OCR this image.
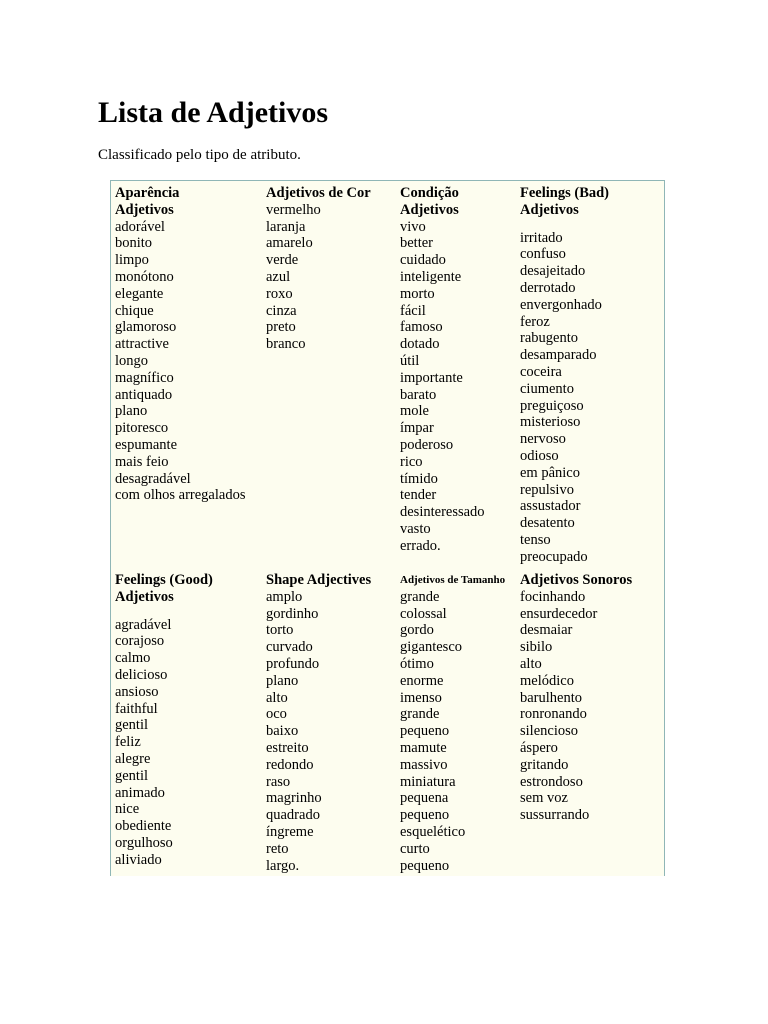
Lista de Adjetivos

Classificado pelo tipo de atributo.

Aparência
Adjetivos
adorável
bonito
limpo
monótono
elegante
chique
glamoroso
attractive
longo
magnífico
antiquado
plano
pitoresco
espumante
mais feio
desagradável
com olhos arregalados
Adjetivos de Cor
vermelho
laranja
amarelo
verde
azul
roxo
cinza
preto
branco
Condição
Adjetivos
vivo
better
cuidado
inteligente
morto
fácil
famoso
dotado
útil
importante
barato
mole
ímpar
poderoso
rico
tímido
tender
desinteressado
vasto
errado.
Feelings (Bad)
Adjetivos
irritado
confuso
desajeitado
derrotado
envergonhado
feroz
rabugento
desamparado
coceira
ciumento
preguiçoso
misterioso
nervoso
odioso
em pânico
repulsivo
assustador
desatento
tenso
preocupado
Feelings (Good)
Adjetivos
agradável
corajoso
calmo
delicioso
ansioso
faithful
gentil
feliz
alegre
gentil
animado
nice
obediente
orgulhoso
aliviado
Shape Adjectives
amplo
gordinho
torto
curvado
profundo
plano
alto
oco
baixo
estreito
redondo
raso
magrinho
quadrado
íngreme
reto
largo.
Adjetivos de Tamanho
grande
colossal
gordo
gigantesco
ótimo
enorme
imenso
grande
pequeno
mamute
massivo
miniatura
pequena
pequeno
esquelético
curto
pequeno
Adjetivos Sonoros
focinhando
ensurdecedor
desmaiar
sibilo
alto
melódico
barulhento
ronronando
silencioso
áspero
gritando
estrondoso
sem voz
sussurrando
